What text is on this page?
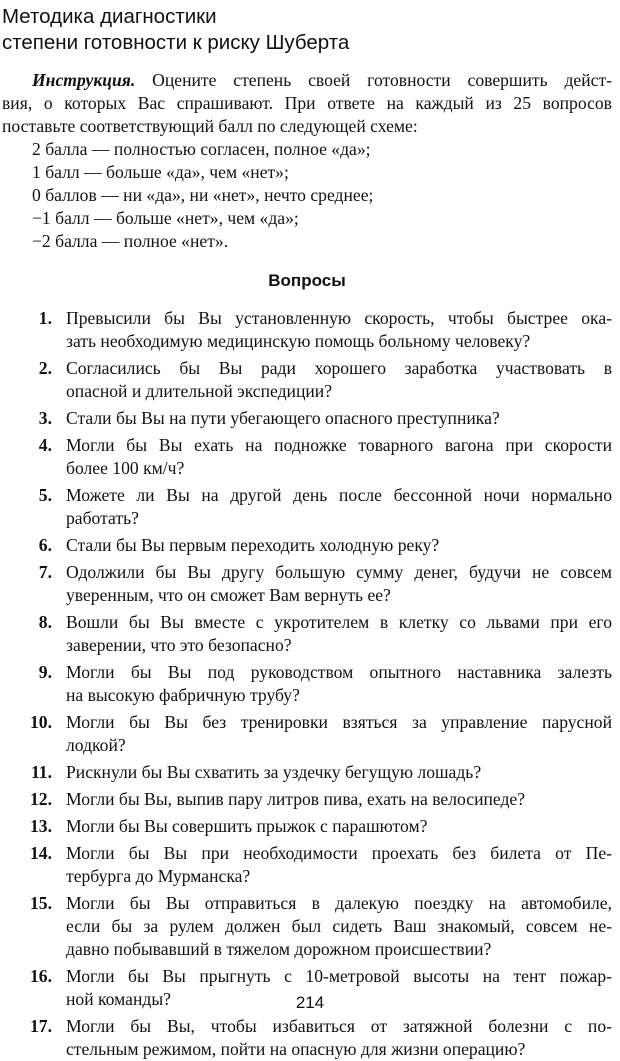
Методика диагностики
степени готовности к риску Шуберта
Инструкция. Оцените степень своей готовности совершить дейст-
вия, о которых Вас спрашивают. При ответе на каждый из 25 вопросов
поставьте соответствующий балл по следующей схеме:
2 балла — полностью согласен, полное «да»;
1 балл — больше «да», чем «нет»;
0 баллов — ни «да», ни «нет», нечто среднее;
−1 балл — больше «нет», чем «да»;
−2 балла — полное «нет».
Вопросы
1. Превысили бы Вы установленную скорость, чтобы быстрее ока-
зать необходимую медицинскую помощь больному человеку?
2. Согласились бы Вы ради хорошего заработка участвовать в
опасной и длительной экспедиции?
3. Стали бы Вы на пути убегающего опасного преступника?
4. Могли бы Вы ехать на подножке товарного вагона при скорости
более 100 км/ч?
5. Можете ли Вы на другой день после бессонной ночи нормально
работать?
6. Стали бы Вы первым переходить холодную реку?
7. Одолжили бы Вы другу большую сумму денег, будучи не совсем
уверенным, что он сможет Вам вернуть ее?
8. Вошли бы Вы вместе с укротителем в клетку со львами при его
заверении, что это безопасно?
9. Могли бы Вы под руководством опытного наставника залезть
на высокую фабричную трубу?
10. Могли бы Вы без тренировки взяться за управление парусной
лодкой?
11. Рискнули бы Вы схватить за уздечку бегущую лошадь?
12. Могли бы Вы, выпив пару литров пива, ехать на велосипеде?
13. Могли бы Вы совершить прыжок с парашютом?
14. Могли бы Вы при необходимости проехать без билета от Пе-
тербурга до Мурманска?
15. Могли бы Вы отправиться в далекую поездку на автомобиле,
если бы за рулем должен был сидеть Ваш знакомый, совсем не-
давно побывавший в тяжелом дорожном происшествии?
16. Могли бы Вы прыгнуть с 10-метровой высоты на тент пожар-
ной команды?
17. Могли бы Вы, чтобы избавиться от затяжной болезни с по-
стельным режимом, пойти на опасную для жизни операцию?
214
